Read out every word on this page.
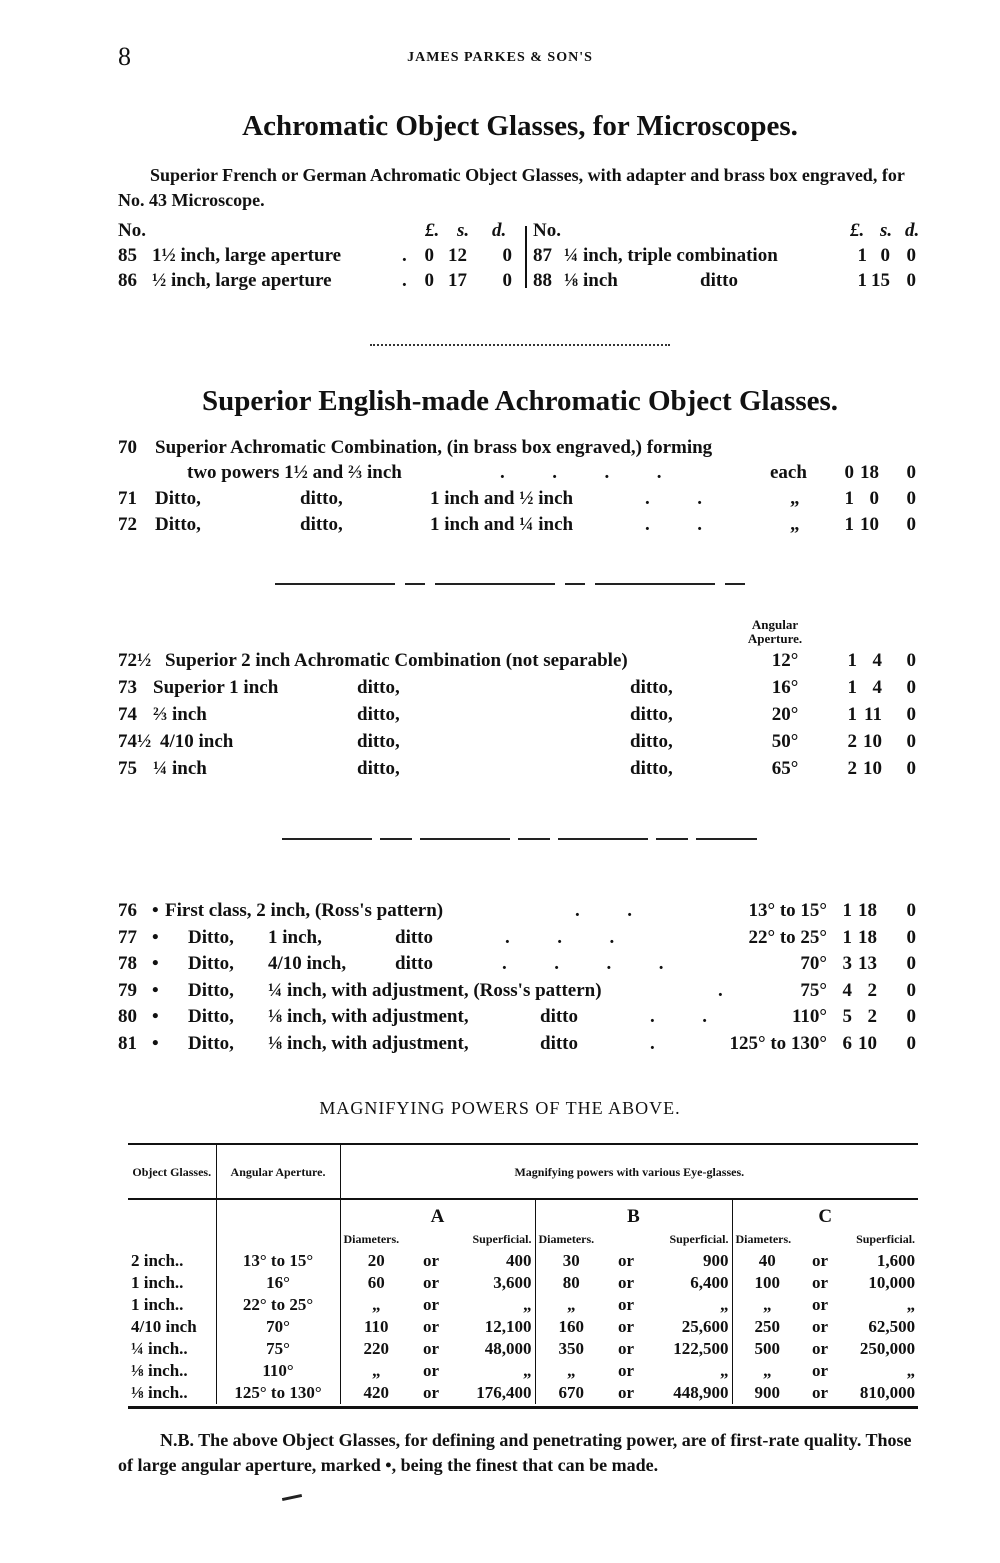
8	JAMES PARKES & SON'S
Achromatic Object Glasses, for Microscopes.
Superior French or German Achromatic Object Glasses, with adapter and brass box engraved, for No. 43 Microscope.
No.	£. s. d. No.	£. s. d.
85 1½ inch, large aperture	. 0 12 0
86 ½ inch, large aperture	. 0 17 0
87 ¼ inch, triple combination	1 0 0
88 ⅛ inch	ditto	1 15 0
Superior English-made Achromatic Object Glasses.
70 Superior Achromatic Combination, (in brass box engraved,) forming
two powers 1½ and ⅔ inch	.          .          .          .	each 0 18 0
71 Ditto,	ditto,	1 inch and ½ inch	.          .	„ 1 0 0
72 Ditto,	ditto,	1 inch and ¼ inch	.          .	„ 1 10 0
Angular
Aperture.
72½ Superior 2 inch Achromatic Combination (not separable)	12°	1 4 0
73 Superior 1 inch	ditto,	ditto,	16°	1 4 0
74 ⅔ inch	ditto,	ditto,	20°	1 11 0
74½ 4/10 inch	ditto,	ditto,	50°	2 10 0
75 ¼ inch	ditto,	ditto,	65°	2 10 0
76 • First class, 2 inch, (Ross's pattern)	.          .	13° to 15° 1 18 0
77 • Ditto, 1 inch,	ditto	.          .          .	22° to 25° 1 18 0
78 • Ditto, 4/10 inch,	ditto	.          .          .          .	70° 3 13 0
79 • Ditto, ¼ inch, with adjustment, (Ross's pattern)	.	75° 4 2 0
80 • Ditto, ⅛ inch, with adjustment,	ditto	.          .	110° 5 2 0
81 • Ditto, ⅛ inch, with adjustment,	ditto	.	125° to 130° 6 10 0
MAGNIFYING POWERS OF THE ABOVE.
Object Glasses.	Angular Aperture.	Magnifying powers with various Eye-glasses.								
		A			B			C		
		Diameters.		Superficial.	Diameters.		Superficial.	Diameters.		Superficial.
2 inch..	13° to 15°	20	or	400	30	or	900	40	or	1,600
1 inch..	16°	60	or	3,600	80	or	6,400	100	or	10,000
1 inch..	22° to 25°	„	or	„	„	or	„	„	or	„
4/10 inch	70°	110	or	12,100	160	or	25,600	250	or	62,500
¼ inch..	75°	220	or	48,000	350	or	122,500	500	or	250,000
⅛ inch..	110°	„	or	„	„	or	„	„	or	„
⅛ inch..	125° to 130°	420	or	176,400	670	or	448,900	900	or	810,000
N.B. The above Object Glasses, for defining and penetrating power, are of first-rate quality. Those of large angular aperture, marked •, being the finest that can be made.
